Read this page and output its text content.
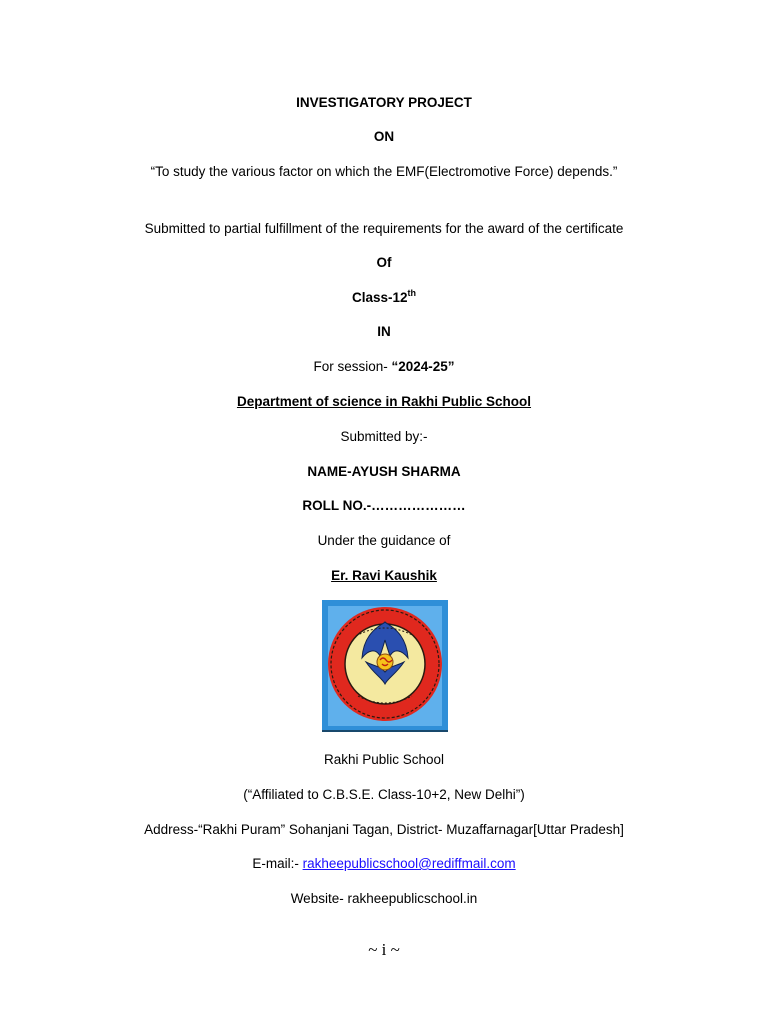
INVESTIGATORY PROJECT
ON
“To study the various factor on which the EMF(Electromotive Force) depends.”
Submitted to partial fulfillment of the requirements for the award of the certificate
Of
Class-12th
IN
For session- “2024-25”
Department of science in Rakhi Public School
Submitted by:-
NAME-AYUSH SHARMA
ROLL NO.-…………………
Under the guidance of
Er. Ravi Kaushik
Rakhi Public School
(“Affiliated to C.B.S.E. Class-10+2, New Delhi”)
Address-“Rakhi Puram” Sohanjani Tagan, District- Muzaffarnagar[Uttar Pradesh]
E-mail:- rakheepublicschool@rediffmail.com
Website- rakheepublicschool.in
~ i ~
